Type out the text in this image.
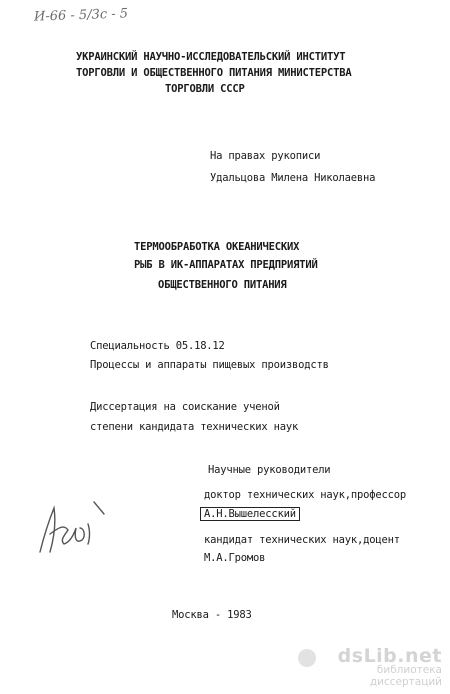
И-66 - 5/3с - 5
УКРАИНСКИЙ НАУЧНО-ИССЛЕДОВАТЕЛЬСКИЙ ИНСТИТУТ
ТОРГОВЛИ И ОБЩЕСТВЕННОГО ПИТАНИЯ МИНИСТЕРСТВА
ТОРГОВЛИ СССР
На правах рукописи
Удальцова Милена Николаевна
ТЕРМООБРАБОТКА ОКЕАНИЧЕСКИХ
РЫБ В ИК-АППАРАТАХ ПРЕДПРИЯТИЙ
ОБЩЕСТВЕННОГО ПИТАНИЯ
Специальность 05.18.12
Процессы и аппараты пищевых производств
Диссертация на соискание ученой
степени кандидата технических наук
Научные руководители
доктор технических наук,профессор
А.Н.Вышелесский
кандидат технических наук,доцент
М.А.Громов
Москва - 1983
dsLib.net
библиотека диссертаций
